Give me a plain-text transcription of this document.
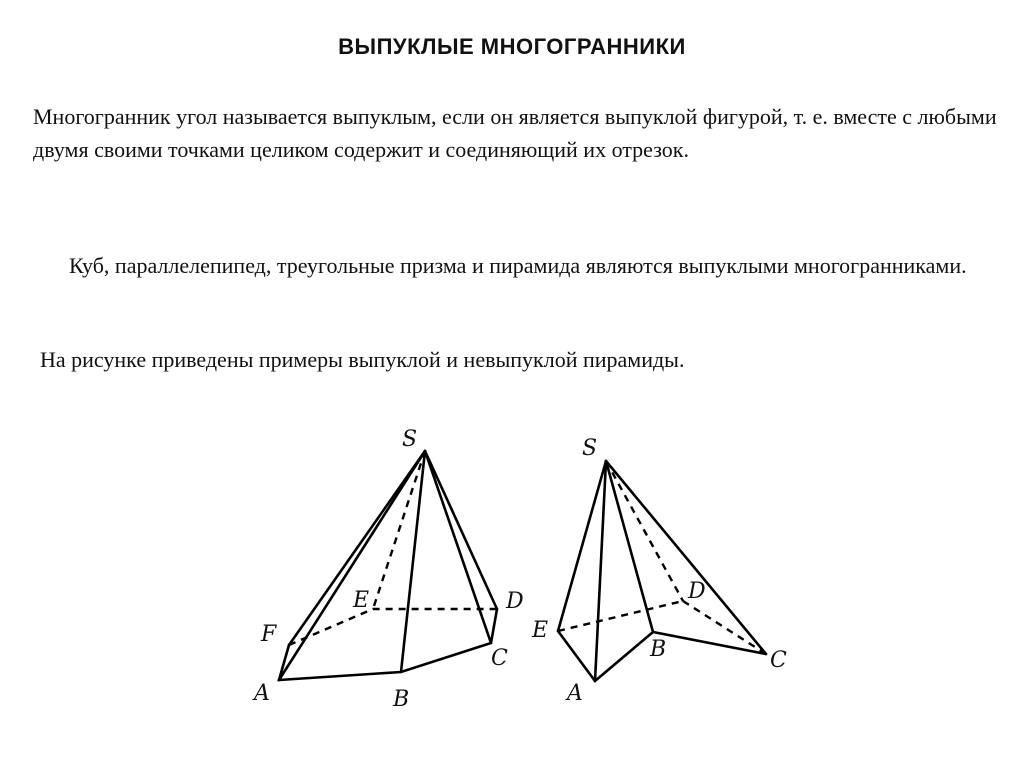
ВЫПУКЛЫЕ МНОГОГРАННИКИ

Многогранник угол называется выпуклым, если он является выпуклой фигурой, т. е. вместе с любыми двумя своими точками целиком содержит и соединяющий их отрезок.

Куб, параллелепипед, треугольные призма и пирамида являются выпуклыми многогранниками.

На рисунке приведены примеры выпуклой и невыпуклой пирамиды.

S
E	D
F
C
A	B
S
D
E
B	C
A
